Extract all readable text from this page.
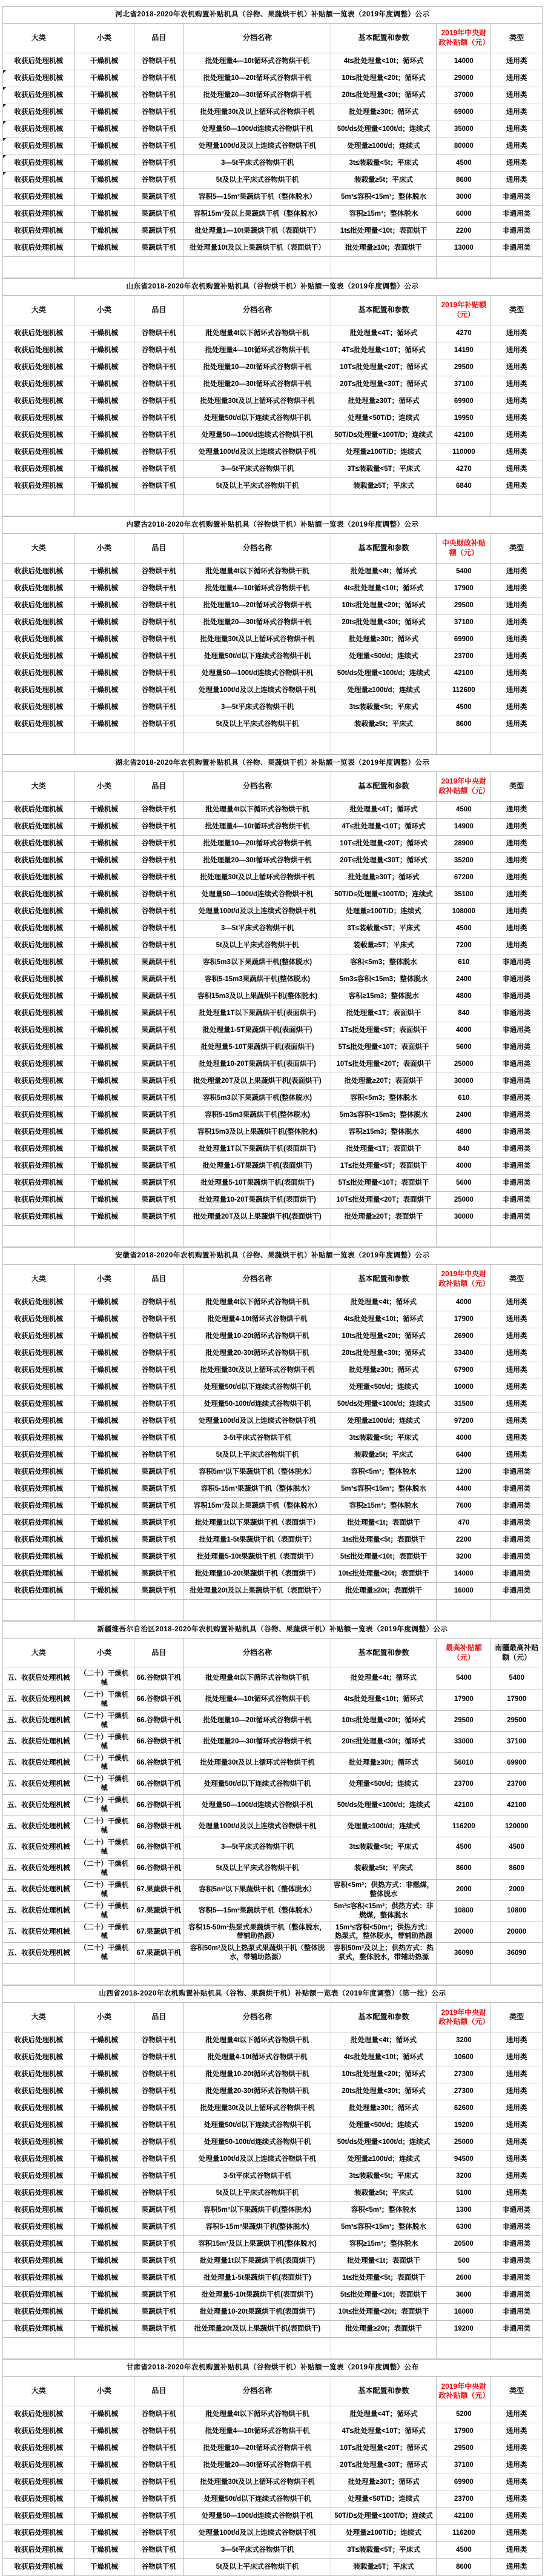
河北省2018-2020年农机购置补贴机具（谷物、果蔬烘干机）补贴额一览表（2019年度调整）公示						
大类	小类	品目	分档名称	基本配置和参数	2019年中央财政补贴额（元）	类型
收获后处理机械	干燥机械	谷物烘干机	批处理量4—10t循环式谷物烘干机	4t≤批处理量<10t；循环式	14000	通用类
收获后处理机械	干燥机械	谷物烘干机	批处理量10—20t循环式谷物烘干机	10t≤批处理量<20t；循环式	29000	通用类
收获后处理机械	干燥机械	谷物烘干机	批处理量20—30t循环式谷物烘干机	20t≤批处理量<30t；循环式	37000	通用类
收获后处理机械	干燥机械	谷物烘干机	批处理量30t及以上循环式谷物烘干机	批处理量≥30t；循环式	69000	通用类
收获后处理机械	干燥机械	谷物烘干机	处理量50—100t/d连续式谷物烘干机	50t/d≤处理量<100t/d；连续式	35000	通用类
收获后处理机械	干燥机械	谷物烘干机	处理量100t/d及以上连续式谷物烘干机	处理量≥100t/d；连续式	80000	通用类
收获后处理机械	干燥机械	谷物烘干机	3—5t平床式谷物烘干机	3t≤装载量<5t；平床式	4500	通用类
收获后处理机械	干燥机械	谷物烘干机	5t及以上平床式谷物烘干机	装载量≥5t；平床式	8600	通用类
收获后处理机械	干燥机械	果蔬烘干机	容积5—15m³果蔬烘干机（整体脱水）	5m³≤容积<15m³；整体脱水	3000	非通用类
收获后处理机械	干燥机械	果蔬烘干机	容积15m³及以上果蔬烘干机（整体脱水）	容积≥15m³；整体脱水	6000	非通用类
收获后处理机械	干燥机械	果蔬烘干机	批处理量1—10t果蔬烘干机（表面烘干）	1t≤批处理量<10t；表面烘干	2200	非通用类
收获后处理机械	干燥机械	果蔬烘干机	批处理量10t及以上果蔬烘干机（表面烘干）	批处理量≥10t；表面烘干	13000	非通用类

山东省2018-2020年农机购置补贴机具（谷物烘干机）补贴额一览表（2019年度调整）公示						
大类	小类	品目	分档名称	基本配置和参数	2019年补贴额（元）	类型
收获后处理机械	干燥机械	谷物烘干机	批处理量4t以下循环式谷物烘干机	批处理量<4T；循环式	4270	通用类
收获后处理机械	干燥机械	谷物烘干机	批处理量4—10t循环式谷物烘干机	4T≤批处理量<10T；循环式	14190	通用类
收获后处理机械	干燥机械	谷物烘干机	批处理量10—20t循环式谷物烘干机	10T≤批处理量<20T；循环式	29500	通用类
收获后处理机械	干燥机械	谷物烘干机	批处理量20—30t循环式谷物烘干机	20T≤批处理量<30T；循环式	37100	通用类
收获后处理机械	干燥机械	谷物烘干机	批处理量30t及以上循环式谷物烘干机	批处理量≥30T；循环式	69900	通用类
收获后处理机械	干燥机械	谷物烘干机	处理量50t/d以下连续式谷物烘干机	处理量<50T/D；连续式	19950	通用类
收获后处理机械	干燥机械	谷物烘干机	处理量50—100t/d连续式谷物烘干机	50T/D≤处理量<100T/D；连续式	42100	通用类
收获后处理机械	干燥机械	谷物烘干机	处理量100t/d及以上连续式谷物烘干机	处理量≥100T/D；连续式	110000	通用类
收获后处理机械	干燥机械	谷物烘干机	3—5t平床式谷物烘干机	3T≤装载量<5T；平床式	4270	通用类
收获后处理机械	干燥机械	谷物烘干机	5t及以上平床式谷物烘干机	装载量≥5T；平床式	6840	通用类

内蒙古2018-2020年农机购置补贴机具（谷物烘干机）补贴额一览表（2019年度调整）公示						
大类	小类	品目	分档名称	基本配置和参数	中央财政补贴额（元）	类型
收获后处理机械	干燥机械	谷物烘干机	批处理量4t以下循环式谷物烘干机	批处理量<4t；循环式	5400	通用类
收获后处理机械	干燥机械	谷物烘干机	批处理量4—10t循环式谷物烘干机	4t≤批处理量<10t；循环式	17900	通用类
收获后处理机械	干燥机械	谷物烘干机	批处理量10—20t循环式谷物烘干机	10t≤批处理量<20t；循环式	29500	通用类
收获后处理机械	干燥机械	谷物烘干机	批处理量20—30t循环式谷物烘干机	20t≤批处理量<30t；循环式	37100	通用类
收获后处理机械	干燥机械	谷物烘干机	批处理量30t及以上循环式谷物烘干机	批处理量≥30t；循环式	69900	通用类
收获后处理机械	干燥机械	谷物烘干机	处理量50t/d以下连续式谷物烘干机	处理量<50t/d；连续式	23700	通用类
收获后处理机械	干燥机械	谷物烘干机	处理量50—100t/d连续式谷物烘干机	50t/d≤处理量<100t/d；连续式	42100	通用类
收获后处理机械	干燥机械	谷物烘干机	处理量100t/d及以上连续式谷物烘干机	处理量≥100t/d；连续式	112600	通用类
收获后处理机械	干燥机械	谷物烘干机	3—5t平床式谷物烘干机	3t≤装载量<5t；平床式	4500	通用类
收获后处理机械	干燥机械	谷物烘干机	5t及以上平床式谷物烘干机	装载量≥5t；平床式	8600	通用类

湖北省2018-2020年农机购置补贴机具（谷物、果蔬烘干机）补贴额一览表（2019年度调整）公示						
大类	小类	品目	分档名称	基本配置和参数	2019年中央财政补贴额（元）	类型
收获后处理机械	干燥机械	谷物烘干机	批处理量4t以下循环式谷物烘干机	批处理量<4T；循环式	4500	通用类
收获后处理机械	干燥机械	谷物烘干机	批处理量4—10t循环式谷物烘干机	4T≤批处理量<10T；循环式	14900	通用类
收获后处理机械	干燥机械	谷物烘干机	批处理量10—20t循环式谷物烘干机	10T≤批处理量<20T；循环式	28900	通用类
收获后处理机械	干燥机械	谷物烘干机	批处理量20—30t循环式谷物烘干机	20T≤批处理量<30T；循环式	35200	通用类
收获后处理机械	干燥机械	谷物烘干机	批处理量30t及以上循环式谷物烘干机	批处理量≥30T；循环式	67200	通用类
收获后处理机械	干燥机械	谷物烘干机	处理量50—100t/d连续式谷物烘干机	50T/D≤处理量<100T/D；连续式	35100	通用类
收获后处理机械	干燥机械	谷物烘干机	处理量100t/d及以上连续式谷物烘干机	处理量≥100T/D；连续式	108000	通用类
收获后处理机械	干燥机械	谷物烘干机	3—5t平床式谷物烘干机	3T≤装载量<5T；平床式	4500	通用类
收获后处理机械	干燥机械	谷物烘干机	5t及以上平床式谷物烘干机	装载量≥5T；平床式	7200	通用类
收获后处理机械	干燥机械	果蔬烘干机	容积5m3以下果蔬烘干机(整体脱水)	容积<5m3；整体脱水	610	非通用类
收获后处理机械	干燥机械	果蔬烘干机	容积5-15m3果蔬烘干机(整体脱水)	5m3≤容积<15m3；整体脱水	2400	非通用类
收获后处理机械	干燥机械	果蔬烘干机	容积15m3及以上果蔬烘干机(整体脱水)	容积≥15m3；整体脱水	4800	非通用类
收获后处理机械	干燥机械	果蔬烘干机	批处理量1T以下果蔬烘干机(表面烘干)	批处理量<1T；表面烘干	840	非通用类
收获后处理机械	干燥机械	果蔬烘干机	批处理量1-5T果蔬烘干机(表面烘干)	1T≤批处理量<5T；表面烘干	4000	非通用类
收获后处理机械	干燥机械	果蔬烘干机	批处理量5-10T果蔬烘干机(表面烘干)	5T≤批处理量<10T；表面烘干	5600	非通用类
收获后处理机械	干燥机械	果蔬烘干机	批处理量10-20T果蔬烘干机(表面烘干)	10T≤批处理量<20T；表面烘干	25000	非通用类
收获后处理机械	干燥机械	果蔬烘干机	批处理量20T及以上果蔬烘干机(表面烘干)	批处理量≥20T；表面烘干	30000	非通用类
收获后处理机械	干燥机械	果蔬烘干机	容积5m3以下果蔬烘干机(整体脱水)	容积<5m3；整体脱水	610	非通用类
收获后处理机械	干燥机械	果蔬烘干机	容积5-15m3果蔬烘干机(整体脱水)	5m3≤容积<15m3；整体脱水	2400	非通用类
收获后处理机械	干燥机械	果蔬烘干机	容积15m3及以上果蔬烘干机(整体脱水)	容积≥15m3；整体脱水	4800	非通用类
收获后处理机械	干燥机械	果蔬烘干机	批处理量1T以下果蔬烘干机(表面烘干)	批处理量<1T；表面烘干	840	非通用类
收获后处理机械	干燥机械	果蔬烘干机	批处理量1-5T果蔬烘干机(表面烘干)	1T≤批处理量<5T；表面烘干	4000	非通用类
收获后处理机械	干燥机械	果蔬烘干机	批处理量5-10T果蔬烘干机(表面烘干)	5T≤批处理量<10T；表面烘干	5600	非通用类
收获后处理机械	干燥机械	果蔬烘干机	批处理量10-20T果蔬烘干机(表面烘干)	10T≤批处理量<20T；表面烘干	25000	非通用类
收获后处理机械	干燥机械	果蔬烘干机	批处理量20T及以上果蔬烘干机(表面烘干)	批处理量≥20T；表面烘干	30000	非通用类

安徽省2018-2020年农机购置补贴机具（谷物、果蔬烘干机）补贴额一览表（2019年度调整）公示						
大类	小类	品目	分档名称	基本配置和参数	2019年中央财政补贴额（元）	类型
收获后处理机械	干燥机械	谷物烘干机	批处理量4t以下循环式谷物烘干机	批处理量<4t；循环式	4000	通用类
收获后处理机械	干燥机械	谷物烘干机	批处理量4-10t循环式谷物烘干机	4t≤批处理量<10t；循环式	17900	通用类
收获后处理机械	干燥机械	谷物烘干机	批处理量10-20t循环式谷物烘干机	10t≤批处理量<20t；循环式	26900	通用类
收获后处理机械	干燥机械	谷物烘干机	批处理量20-30t循环式谷物烘干机	20t≤批处理量<30t；循环式	33400	通用类
收获后处理机械	干燥机械	谷物烘干机	批处理量30t及以上循环式谷物烘干机	批处理量≥30t；循环式	67900	通用类
收获后处理机械	干燥机械	谷物烘干机	处理量50t/d以下连续式谷物烘干机	处理量<50t/d；连续式	10000	通用类
收获后处理机械	干燥机械	谷物烘干机	处理量50-100t/d连续式谷物烘干机	50t/d≤处理量<100t/d；连续式	31500	通用类
收获后处理机械	干燥机械	谷物烘干机	处理量100t/d及以上连续式谷物烘干机	处理量≥100t/d；连续式	97200	通用类
收获后处理机械	干燥机械	谷物烘干机	3-5t平床式谷物烘干机	3t≤装载量<5t；平床式	4000	通用类
收获后处理机械	干燥机械	谷物烘干机	5t及以上平床式谷物烘干机	装载量≥5t；平床式	6400	通用类
收获后处理机械	干燥机械	果蔬烘干机	容积5m³以下果蔬烘干机（整体脱水）	容积<5m³；整体脱水	1200	非通用类
收获后处理机械	干燥机械	果蔬烘干机	容积5-15m³果蔬烘干机（整体脱水）	5m³≤容积<15m³；整体脱水	4400	非通用类
收获后处理机械	干燥机械	果蔬烘干机	容积15m³及以上果蔬烘干机（整体脱水）	容积≥15m³；整体脱水	7600	非通用类
收获后处理机械	干燥机械	果蔬烘干机	批处理量1t以下果蔬烘干机（表面烘干）	批处理量<1t；表面烘干	470	非通用类
收获后处理机械	干燥机械	果蔬烘干机	批处理量1-5t果蔬烘干机（表面烘干）	1t≤批处理量<5t；表面烘干	2200	非通用类
收获后处理机械	干燥机械	果蔬烘干机	批处理量5-10t果蔬烘干机（表面烘干）	5t≤批处理量<10t；表面烘干	3200	非通用类
收获后处理机械	干燥机械	果蔬烘干机	批处理量10-20t果蔬烘干机（表面烘干）	10t≤批处理量<20t；表面烘干	14000	非通用类
收获后处理机械	干燥机械	果蔬烘干机	批处理量20t及以上果蔬烘干机（表面烘干）	批处理量≥20t；表面烘干	16000	非通用类

新疆维吾尔自治区2018-2020年农机购置补贴机具（谷物、果蔬烘干机）补贴额一览表（2019年度调整）公示						
大类	小类	品目	分档名称	基本配置和参数	最高补贴额（元）	南疆最高补贴额（元）
五、收获后处理机械	（二十）干燥机械	66.谷物烘干机	批处理量4t以下循环式谷物烘干机	批处理量<4t；循环式	5400	5400
五、收获后处理机械	（二十）干燥机械	66.谷物烘干机	批处理量4—10t循环式谷物烘干机	4t≤批处理量<10t；循环式	17900	17900
五、收获后处理机械	（二十）干燥机械	66.谷物烘干机	批处理量10—20t循环式谷物烘干机	10t≤批处理量<20t；循环式	29500	29500
五、收获后处理机械	（二十）干燥机械	66.谷物烘干机	批处理量20—30t循环式谷物烘干机	20t≤批处理量<30t；循环式	33000	37100
五、收获后处理机械	（二十）干燥机械	66.谷物烘干机	批处理量30t及以上循环式谷物烘干机	批处理量≥30t；循环式	56010	69900
五、收获后处理机械	（二十）干燥机械	66.谷物烘干机	处理量50t/d以下连续式谷物烘干机	处理量<50t/d；连续式	23700	23700
五、收获后处理机械	（二十）干燥机械	66.谷物烘干机	处理量50—100t/d连续式谷物烘干机	50t/d≤处理量<100t/d；连续式	42100	42100
五、收获后处理机械	（二十）干燥机械	66.谷物烘干机	处理量100t/d及以上连续式谷物烘干机	处理量≥100t/d；连续式	116200	120000
五、收获后处理机械	（二十）干燥机械	66.谷物烘干机	3—5t平床式谷物烘干机	3t≤装载量<5t；平床式	4500	4500
五、收获后处理机械	（二十）干燥机械	66.谷物烘干机	5t及以上平床式谷物烘干机	装载量≥5t；平床式	8600	8600
五、收获后处理机械	（二十）干燥机械	67.果蔬烘干机	容积5m³以下果蔬烘干机（整体脱水）	容积<5m³；供热方式：非燃煤，整体脱水	2000	2000
五、收获后处理机械	（二十）干燥机械	67.果蔬烘干机	容积5—15m³果蔬烘干机（整体脱水）	5m³≤容积<15m³；供热方式：非燃煤，整体脱水	10800	10800
五、收获后处理机械	（二十）干燥机械	67.果蔬烘干机	容积15-50m³热泵式果蔬烘干机（整体脱水，带辅助热源）	15m³≤容积<50m³；供热方式：热泵式，整体脱水，带辅助热源	20000	20000
五、收获后处理机械	（二十）干燥机械	67.果蔬烘干机	容积50m³及以上热泵式果蔬烘干机（整体脱水，带辅助热源）	容积50m³及以上；供热方式：热泵式，整体脱水，带辅助热源	36090	36090

山西省2018-2020年农机购置补贴机具（谷物、果蔬烘干机）补贴额一览表（2019年度调整）（第一批）公示						
大类	小类	品目	分档名称	基本配置和参数	2019年中央财政补贴额（元）	类型
收获后处理机械	干燥机械	谷物烘干机	批处理量4t以下循环式谷物烘干机	批处理量<4t；循环式	3200	通用类
收获后处理机械	干燥机械	谷物烘干机	批处理量4-10t循环式谷物烘干机	4t≤批处理量<10t；循环式	10600	通用类
收获后处理机械	干燥机械	谷物烘干机	批处理量10-20t循环式谷物烘干机	10t≤批处理量<20t；循环式	27300	通用类
收获后处理机械	干燥机械	谷物烘干机	批处理量20-30t循环式谷物烘干机	20t≤批处理量<30t；循环式	27300	通用类
收获后处理机械	干燥机械	谷物烘干机	批处理量30t及以上循环式谷物烘干机	批处理量≥30t；循环式	62600	通用类
收获后处理机械	干燥机械	谷物烘干机	处理量50t/d以下连续式谷物烘干机	处理量<50t/d；连续式	19200	通用类
收获后处理机械	干燥机械	谷物烘干机	处理量50-100t/d连续式谷物烘干机	50t/d≤处理量<100t/d；连续式	25000	通用类
收获后处理机械	干燥机械	谷物烘干机	处理量100t/d及以上连续式谷物烘干机	处理量≥100t/d；连续式	94500	通用类
收获后处理机械	干燥机械	谷物烘干机	3-5t平床式谷物烘干机	3t≤装载量<5t；平床式	3200	通用类
收获后处理机械	干燥机械	谷物烘干机	5t及以上平床式谷物烘干机	装载量≥5t；平床式	5100	通用类
收获后处理机械	干燥机械	果蔬烘干机	容积5m³以下果蔬烘干机(整体脱水)	容积<5m³；整体脱水	1300	非通用类
收获后处理机械	干燥机械	果蔬烘干机	容积5-15m³果蔬烘干机(整体脱水)	5m³≤容积<15m³；整体脱水	6300	非通用类
收获后处理机械	干燥机械	果蔬烘干机	容积15m³及以上果蔬烘干机(整体脱水)	容积≥15m³；整体脱水	20500	非通用类
收获后处理机械	干燥机械	果蔬烘干机	批处理量1t以下果蔬烘干机(表面烘干)	批处理量<1t；表面烘干	500	非通用类
收获后处理机械	干燥机械	果蔬烘干机	批处理量1-5t果蔬烘干机(表面烘干)	1t≤批处理量<5t；表面烘干	2600	非通用类
收获后处理机械	干燥机械	果蔬烘干机	批处理量5-10t果蔬烘干机(表面烘干)	5t≤批处理量<10t；表面烘干	3600	非通用类
收获后处理机械	干燥机械	果蔬烘干机	批处理量10-20t果蔬烘干机(表面烘干)	10t≤批处理量<20t；表面烘干	16000	非通用类
收获后处理机械	干燥机械	果蔬烘干机	批处理量20t及以上果蔬烘干机(表面烘干)	批处理量≥20t；表面烘干	19200	非通用类

甘肃省2018-2020年农机购置补贴机具（谷物烘干机）补贴额一览表（2019年度调整）公布						
大类	小类	品目	分档名称	基本配置和参数	2019年中央财政补贴额（元）	类型
收获后处理机械	干燥机械	谷物烘干机	批处理量4t以下循环式谷物烘干机	批处理量<4T；循环式	5200	通用类
收获后处理机械	干燥机械	谷物烘干机	批处理量4—10t循环式谷物烘干机	4T≤批处理量<10T；循环式	17900	通用类
收获后处理机械	干燥机械	谷物烘干机	批处理量10—20t循环式谷物烘干机	10T≤批处理量<20T；循环式	29500	通用类
收获后处理机械	干燥机械	谷物烘干机	批处理量20—30t循环式谷物烘干机	20T≤批处理量<30T；循环式	37100	通用类
收获后处理机械	干燥机械	谷物烘干机	批处理量30t及以上循环式谷物烘干机	批处理量≥30T；循环式	69900	通用类
收获后处理机械	干燥机械	谷物烘干机	处理量50t/d以下连续式谷物烘干机	处理量<50T/D；连续式	23700	通用类
收获后处理机械	干燥机械	谷物烘干机	处理量50—100t/d连续式谷物烘干机	50T/D≤处理量<100T/D；连续式	42100	通用类
收获后处理机械	干燥机械	谷物烘干机	处理量100t/d及以上连续式谷物烘干机	处理量≥100T/D；连续式	116200	通用类
收获后处理机械	干燥机械	谷物烘干机	3—5t平床式谷物烘干机	3T≤装载量<5T；平床式	4500	通用类
收获后处理机械	干燥机械	谷物烘干机	5t及以上平床式谷物烘干机	装载量≥5T；平床式	8600	通用类
